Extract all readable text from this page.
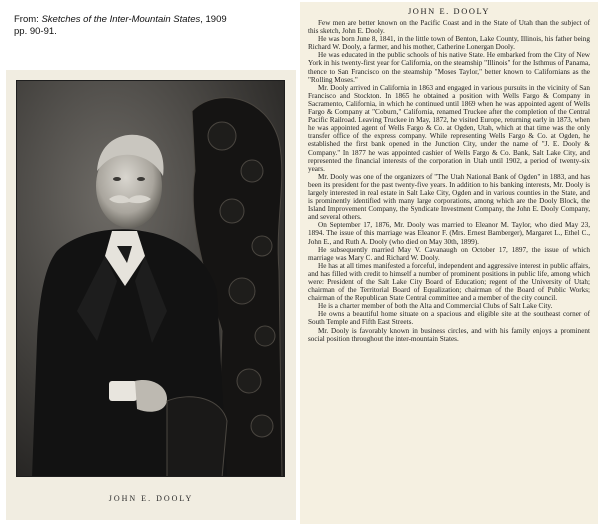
From: Sketches of the Inter-Mountain States, 1909
pp. 90-91.
JOHN E. DOOLY
JOHN E. DOOLY

Few men are better known on the Pacific Coast and in the State of Utah than the subject of this sketch, John E. Dooly.

He was born June 8, 1841, in the little town of Benton, Lake County, Illinois, his father being Richard W. Dooly, a farmer, and his mother, Catherine Lonergan Dooly.

He was educated in the public schools of his native State. He embarked from the City of New York in his twenty-first year for California, on the steamship "Illinois" for the Isthmus of Panama, thence to San Francisco on the steamship "Moses Taylor," better known to Californians as the "Rolling Moses."

Mr. Dooly arrived in California in 1863 and engaged in various pursuits in the vicinity of San Francisco and Stockton. In 1865 he obtained a position with Wells Fargo & Company in Sacramento, California, in which he continued until 1869 when he was appointed agent of Wells Fargo & Company at "Coburn," California, renamed Truckee after the completion of the Central Pacific Railroad. Leaving Truckee in May, 1872, he visited Europe, returning early in 1873, when he was appointed agent of Wells Fargo & Co. at Ogden, Utah, which at that time was the only transfer office of the express company. While representing Wells Fargo & Co. at Ogden, he established the first bank opened in the Junction City, under the name of "J. E. Dooly & Company." In 1877 he was appointed cashier of Wells Fargo & Co. Bank, Salt Lake City, and represented the financial interests of the corporation in Utah until 1902, a period of twenty-six years.

Mr. Dooly was one of the organizers of "The Utah National Bank of Ogden" in 1883, and has been its president for the past twenty-five years. In addition to his banking interests, Mr. Dooly is largely interested in real estate in Salt Lake City, Ogden and in various counties in the State, and is prominently identified with many large corporations, among which are the Dooly Block, the Island Improvement Company, the Syndicate Investment Company, the John E. Dooly Company, and several others.

On September 17, 1876, Mr. Dooly was married to Eleanor M. Taylor, who died May 23, 1894. The issue of this marriage was Eleanor F. (Mrs. Ernest Bamberger), Margaret L., Ethel C., John E., and Ruth A. Dooly (who died on May 30th, 1899).

He subsequently married May V. Cavanaugh on October 17, 1897, the issue of which marriage was Mary C. and Richard W. Dooly.

He has at all times manifested a forceful, independent and aggressive interest in public affairs, and has filled with credit to himself a number of prominent positions in public life, among which were: President of the Salt Lake City Board of Education; regent of the University of Utah; chairman of the Territorial Board of Equalization; chairman of the Board of Public Works; chairman of the Republican State Central committee and a member of the city council.

He is a charter member of both the Alta and Commercial Clubs of Salt Lake City.

He owns a beautiful home situate on a spacious and eligible site at the southeast corner of South Temple and Fifth East Streets.

Mr. Dooly is favorably known in business circles, and with his family enjoys a prominent social position throughout the inter-mountain States.
